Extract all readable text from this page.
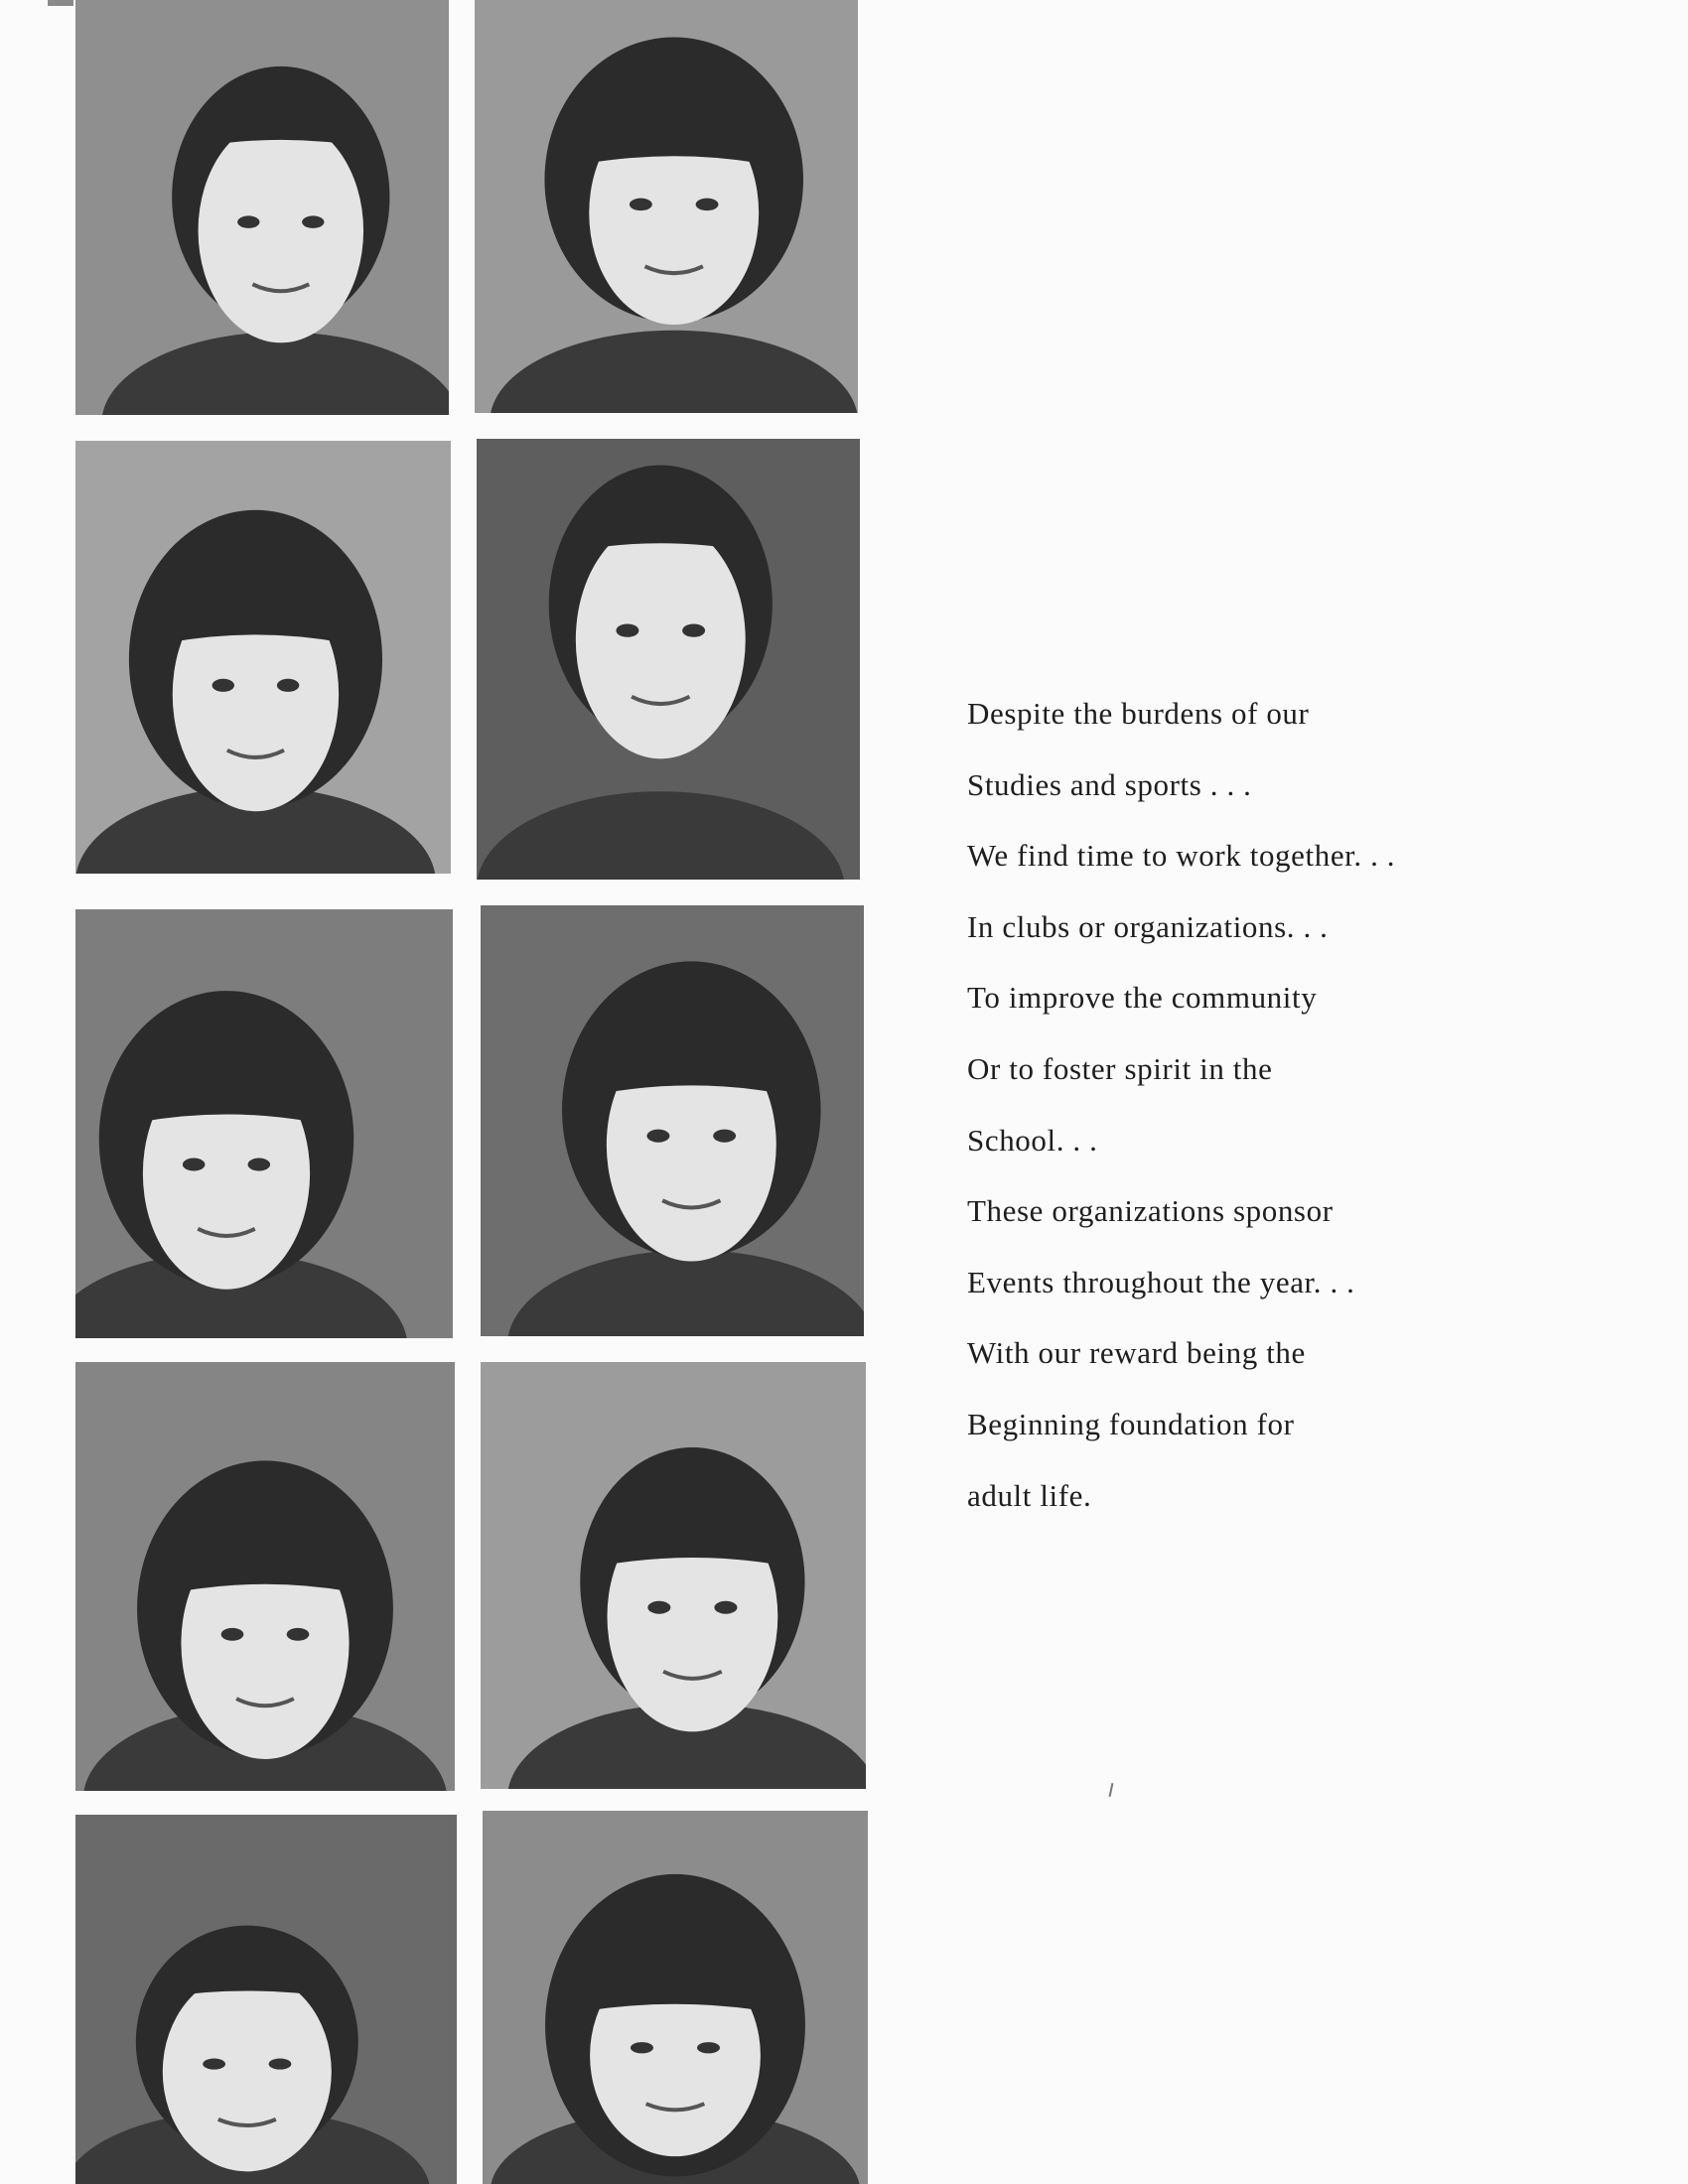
Despite the burdens of our
Studies and sports . . .
We find time to work together. . .
In clubs or organizations. . .
To improve the community
Or to foster spirit in the
School. . .
These organizations sponsor
Events throughout the year. . .
With our reward being the
Beginning foundation for
adult life.
